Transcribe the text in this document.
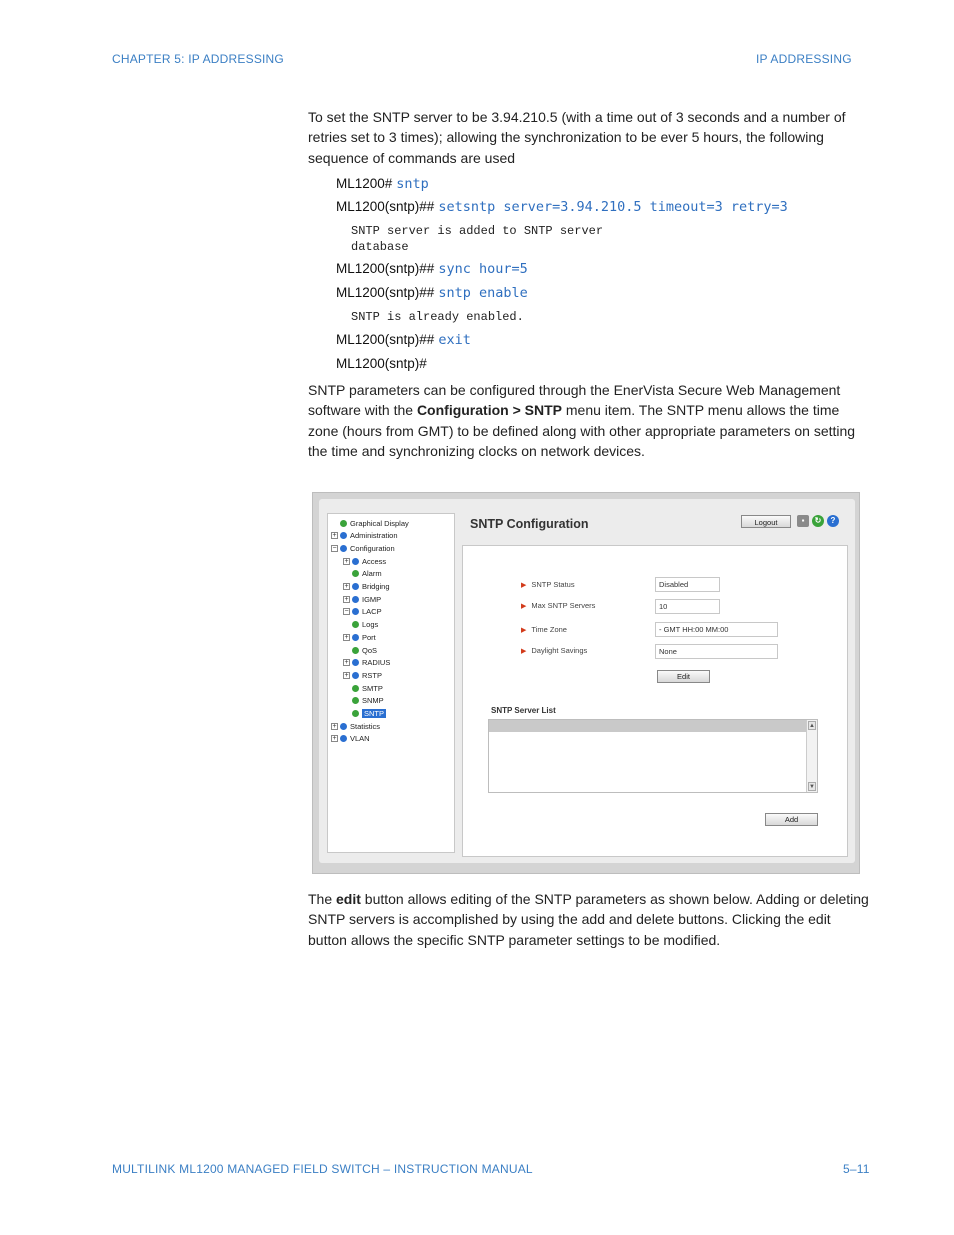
CHAPTER 5: IP ADDRESSING	IP ADDRESSING
To set the SNTP server to be 3.94.210.5 (with a time out of 3 seconds and a number of retries set to 3 times); allowing the synchronization to be ever 5 hours, the following sequence of commands are used
ML1200# sntp
ML1200(sntp)## setsntp server=3.94.210.5 timeout=3 retry=3
SNTP server is added to SNTP server
database
ML1200(sntp)## sync hour=5
ML1200(sntp)## sntp enable
SNTP is already enabled.
ML1200(sntp)## exit
ML1200(sntp)#
SNTP parameters can be configured through the EnerVista Secure Web Management software with the Configuration > SNTP menu item. The SNTP menu allows the time zone (hours from GMT) to be defined along with other appropriate parameters on setting the time and synchronizing clocks on network devices.
Graphical Display
+ Administration
− Configuration
+ Access
Alarm
+ Bridging
+ IGMP
− LACP
Logs
+ Port
QoS
+ RADIUS
+ RSTP
SMTP
SNMP
SNTP
+ Statistics
+ VLAN
SNTP Configuration	Logout	▪	↻	?
▶ SNTP Status	Disabled
▶ Max SNTP Servers	10
▶ Time Zone	- GMT HH:00 MM:00
▶ Daylight Savings	None
Edit
SNTP Server List
▲
▼
Add
The edit button allows editing of the SNTP parameters as shown below. Adding or deleting SNTP servers is accomplished by using the add and delete buttons. Clicking the edit button allows the specific SNTP parameter settings to be modified.
MULTILINK ML1200 MANAGED FIELD SWITCH – INSTRUCTION MANUAL	5–11
